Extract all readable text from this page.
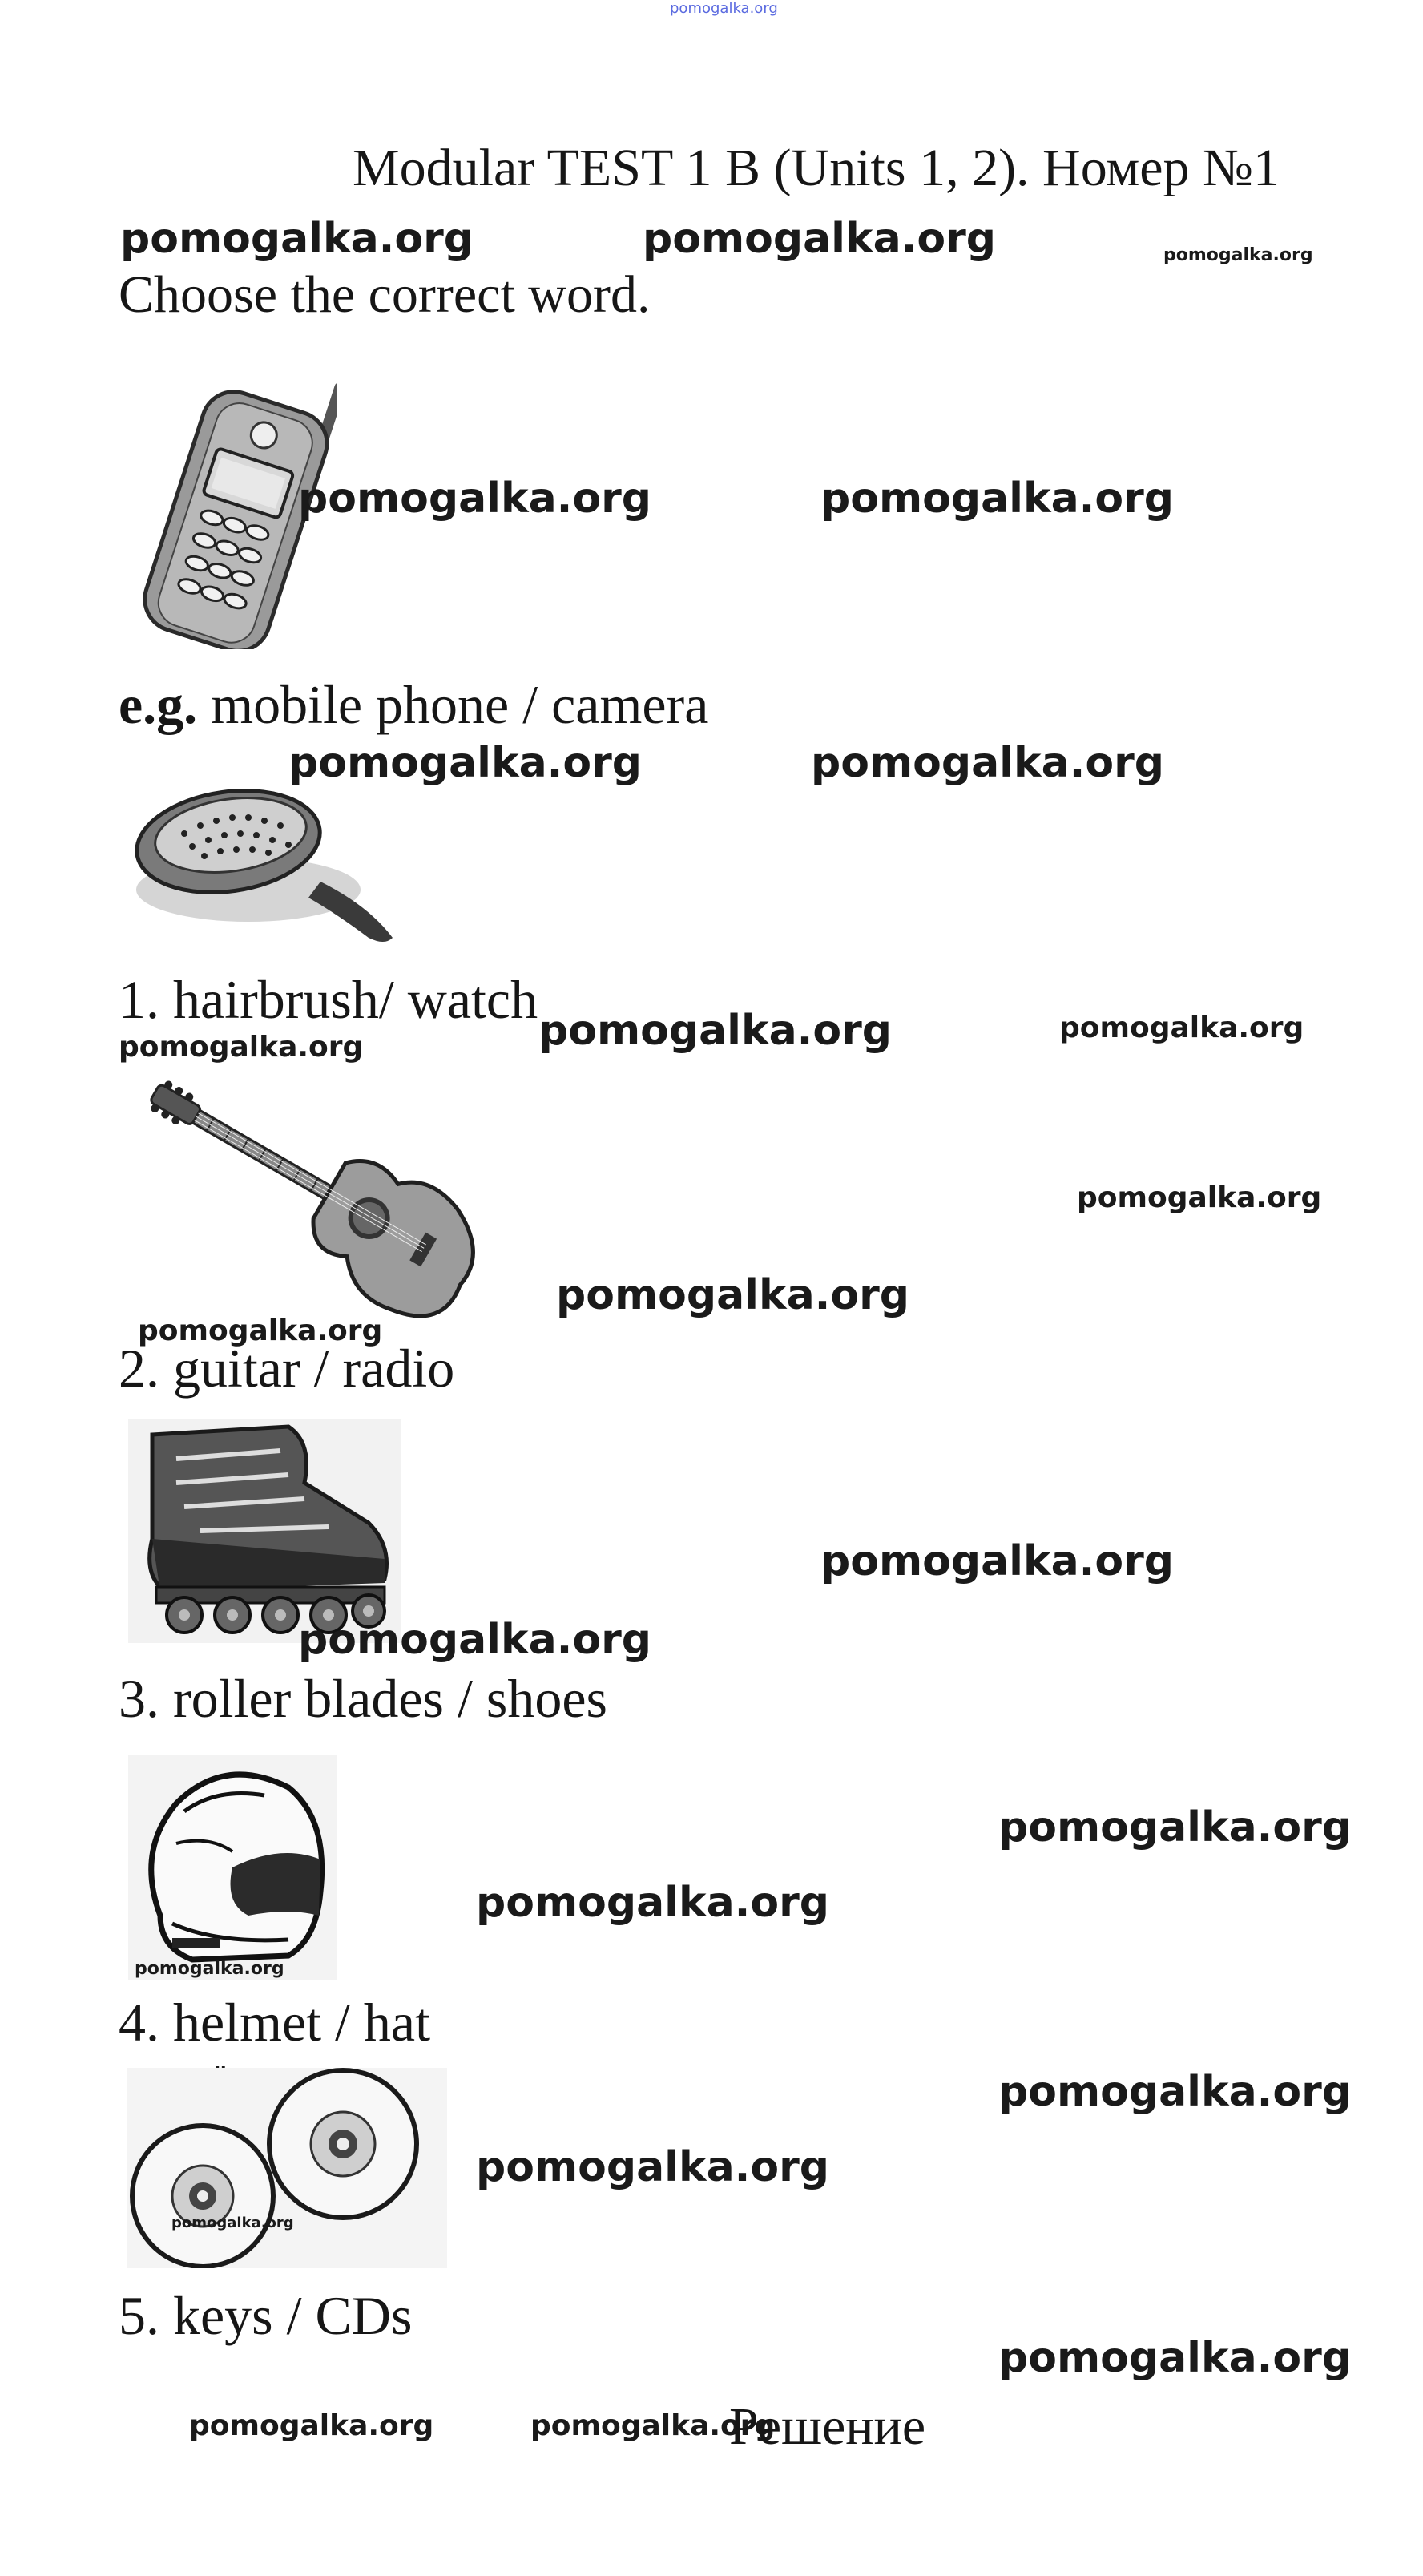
pomogalka.org
Modular TEST 1 B (Units 1, 2). Номер №1
pomogalka.org	pomogalka.org	pomogalka.org
Choose the correct word.
pomogalka.org	pomogalka.org
e.g. mobile phone / camera
pomogalka.org	pomogalka.org
1. hairbrush/ watch
pomogalka.org	pomogalka.org	pomogalka.org
pomogalka.org
pomogalka.org
pomogalka.org
2. guitar / radio
pomogalka.org
pomogalka.org
3. roller blades / shoes
pomogalka.org
pomogalka.org
pomogalka.org
4. helmet / hat
pomogalka.org
pomogalka.org
pomogalka.org
5. keys / CDs
pomogalka.org
pomogalka.org	pomogalka.org
Решение
